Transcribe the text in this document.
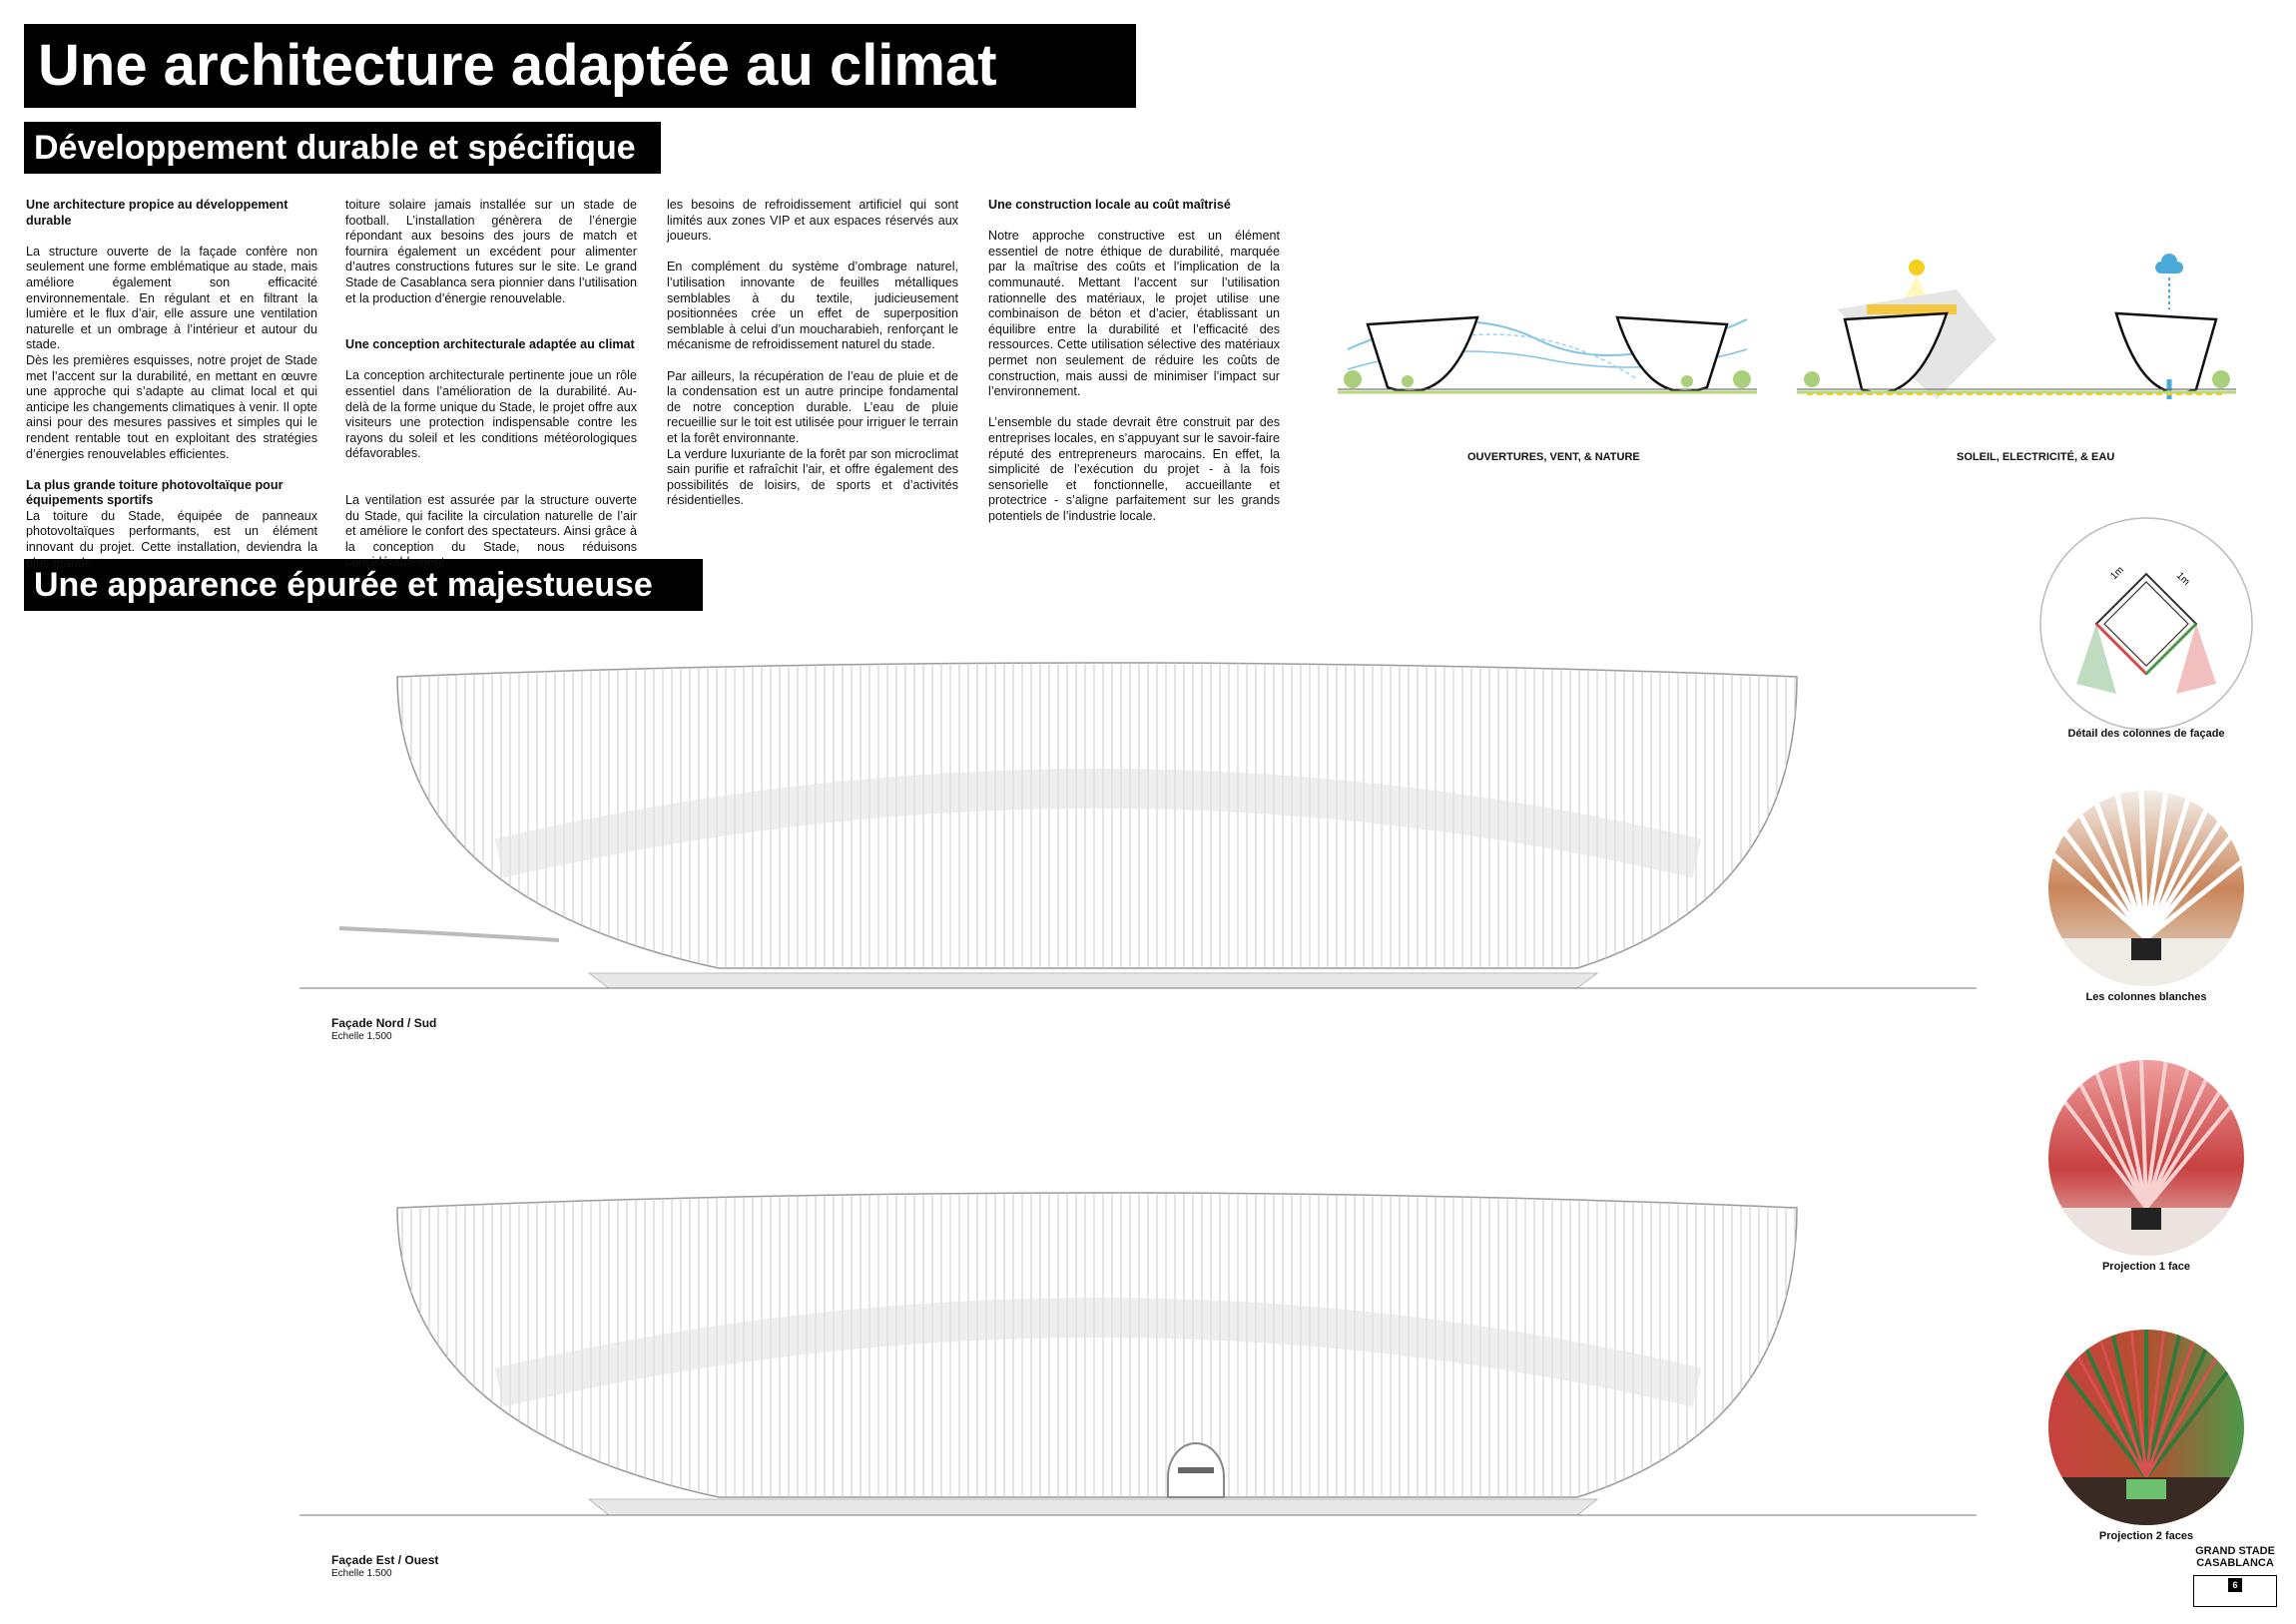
Une architecture adaptée au climat
Développement durable et spécifique
Une apparence épurée et majestueuse
Une architecture propice au développement durable

La structure ouverte de la façade confère non seulement une forme emblématique au stade, mais améliore également son efficacité environnementale. En régulant et en filtrant la lumière et le flux d’air, elle assure une ventilation naturelle et un ombrage à l’intérieur et autour du stade.

Dès les premières esquisses, notre projet de Stade met l’accent sur la durabilité, en mettant en œuvre une approche qui s’adapte au climat local et qui anticipe les changements climatiques à venir. Il opte ainsi pour des mesures passives et simples qui le rendent rentable tout en exploitant des stratégies d’énergies renouvelables efficientes.

La plus grande toiture photovoltaïque pour équipements sportifs

La toiture du Stade, équipée de panneaux photovoltaïques performants, est un élément innovant du projet. Cette installation, deviendra la plus grande

toiture solaire jamais installée sur un stade de football. L’installation génèrera de l’énergie répondant aux besoins des jours de match et fournira également un excédent pour alimenter d’autres constructions futures sur le site. Le grand Stade de Casablanca sera pionnier dans l’utilisation et la production d’énergie renouvelable.

Une conception architecturale adaptée au climat

La conception architecturale pertinente joue un rôle essentiel dans l’amélioration de la durabilité. Au-delà de la forme unique du Stade, le projet offre aux visiteurs une protection indispensable contre les rayons du soleil et les conditions météorologiques défavorables.

La ventilation est assurée par la structure ouverte du Stade, qui facilite la circulation naturelle de l’air et améliore le confort des spectateurs. Ainsi grâce à la conception du Stade, nous réduisons considérablement

les besoins de refroidissement artificiel qui sont limités aux zones VIP et aux espaces réservés aux joueurs.

En complément du système d’ombrage naturel, l’utilisation innovante de feuilles métalliques semblables à du textile, judicieusement positionnées crée un effet de superposition semblable à celui d’un moucharabieh, renforçant le mécanisme de refroidissement naturel du stade.

Par ailleurs, la récupération de l’eau de pluie et de la condensation est un autre principe fondamental de notre conception durable. L’eau de pluie recueillie sur le toit est utilisée pour irriguer le terrain et la forêt environnante.

La verdure luxuriante de la forêt par son microclimat sain purifie et rafraîchit l’air, et offre également des possibilités de loisirs, de sports et d’activités résidentielles.

Une construction locale au coût maîtrisé

Notre approche constructive est un élément essentiel de notre éthique de durabilité, marquée par la maîtrise des coûts et l’implication de la communauté. Mettant l’accent sur l’utilisation rationnelle des matériaux, le projet utilise une combinaison de béton et d’acier, établissant un équilibre entre la durabilité et l’efficacité des ressources. Cette utilisation sélective des matériaux permet non seulement de réduire les coûts de construction, mais aussi de minimiser l’impact sur l’environnement.

L’ensemble du stade devrait être construit par des entreprises locales, en s’appuyant sur le savoir-faire réputé des entrepreneurs marocains. En effet, la simplicité de l’exécution du projet - à la fois sensorielle et fonctionnelle, accueillante et protectrice - s’aligne parfaitement sur les grands potentiels de l’industrie locale.

OUVERTURES, VENT, & NATURE	SOLEIL, ELECTRICITÉ, & EAU
Façade Nord / Sud
Echelle 1.500
Façade Est / Ouest
Echelle 1.500
1m	1m
Détail des colonnes de façade
Les colonnes blanches
Projection 1 face
Projection 2 faces
GRAND STADE
CASABLANCA
6
